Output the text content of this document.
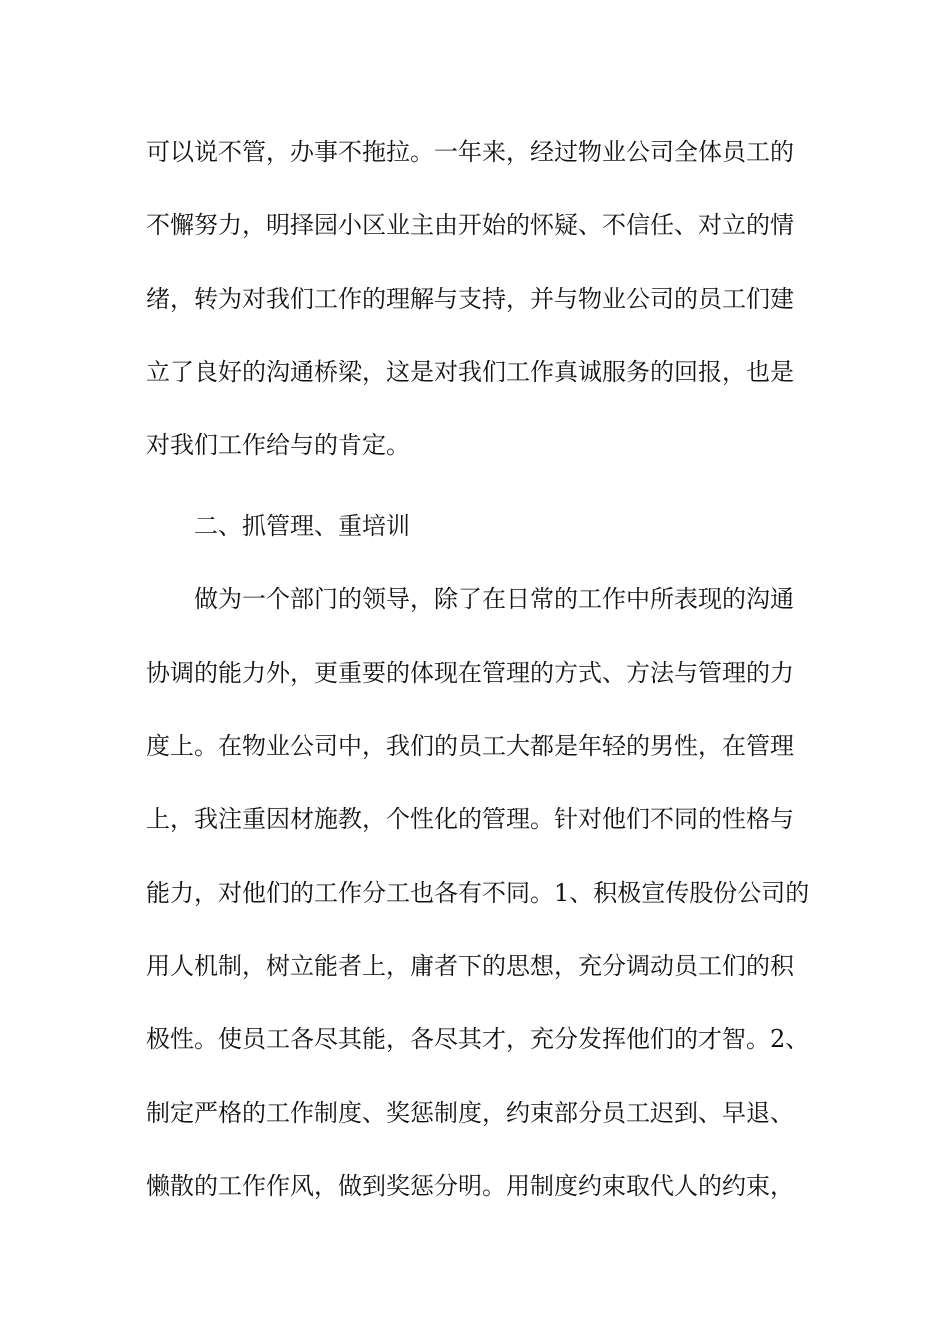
可以说不管，办事不拖拉。一年来，经过物业公司全体员工的
不懈努力，明择园小区业主由开始的怀疑、不信任、对立的情
绪，转为对我们工作的理解与支持，并与物业公司的员工们建
立了良好的沟通桥梁，这是对我们工作真诚服务的回报，也是
对我们工作给与的肯定。
二、抓管理、重培训
做为一个部门的领导，除了在日常的工作中所表现的沟通
协调的能力外，更重要的体现在管理的方式、方法与管理的力
度上。在物业公司中，我们的员工大都是年轻的男性，在管理
上，我注重因材施教，个性化的管理。针对他们不同的性格与
能力，对他们的工作分工也各有不同。1、积极宣传股份公司的
用人机制，树立能者上，庸者下的思想，充分调动员工们的积
极性。使员工各尽其能，各尽其才，充分发挥他们的才智。2、
制定严格的工作制度、奖惩制度，约束部分员工迟到、早退、
懒散的工作作风，做到奖惩分明。用制度约束取代人的约束，
